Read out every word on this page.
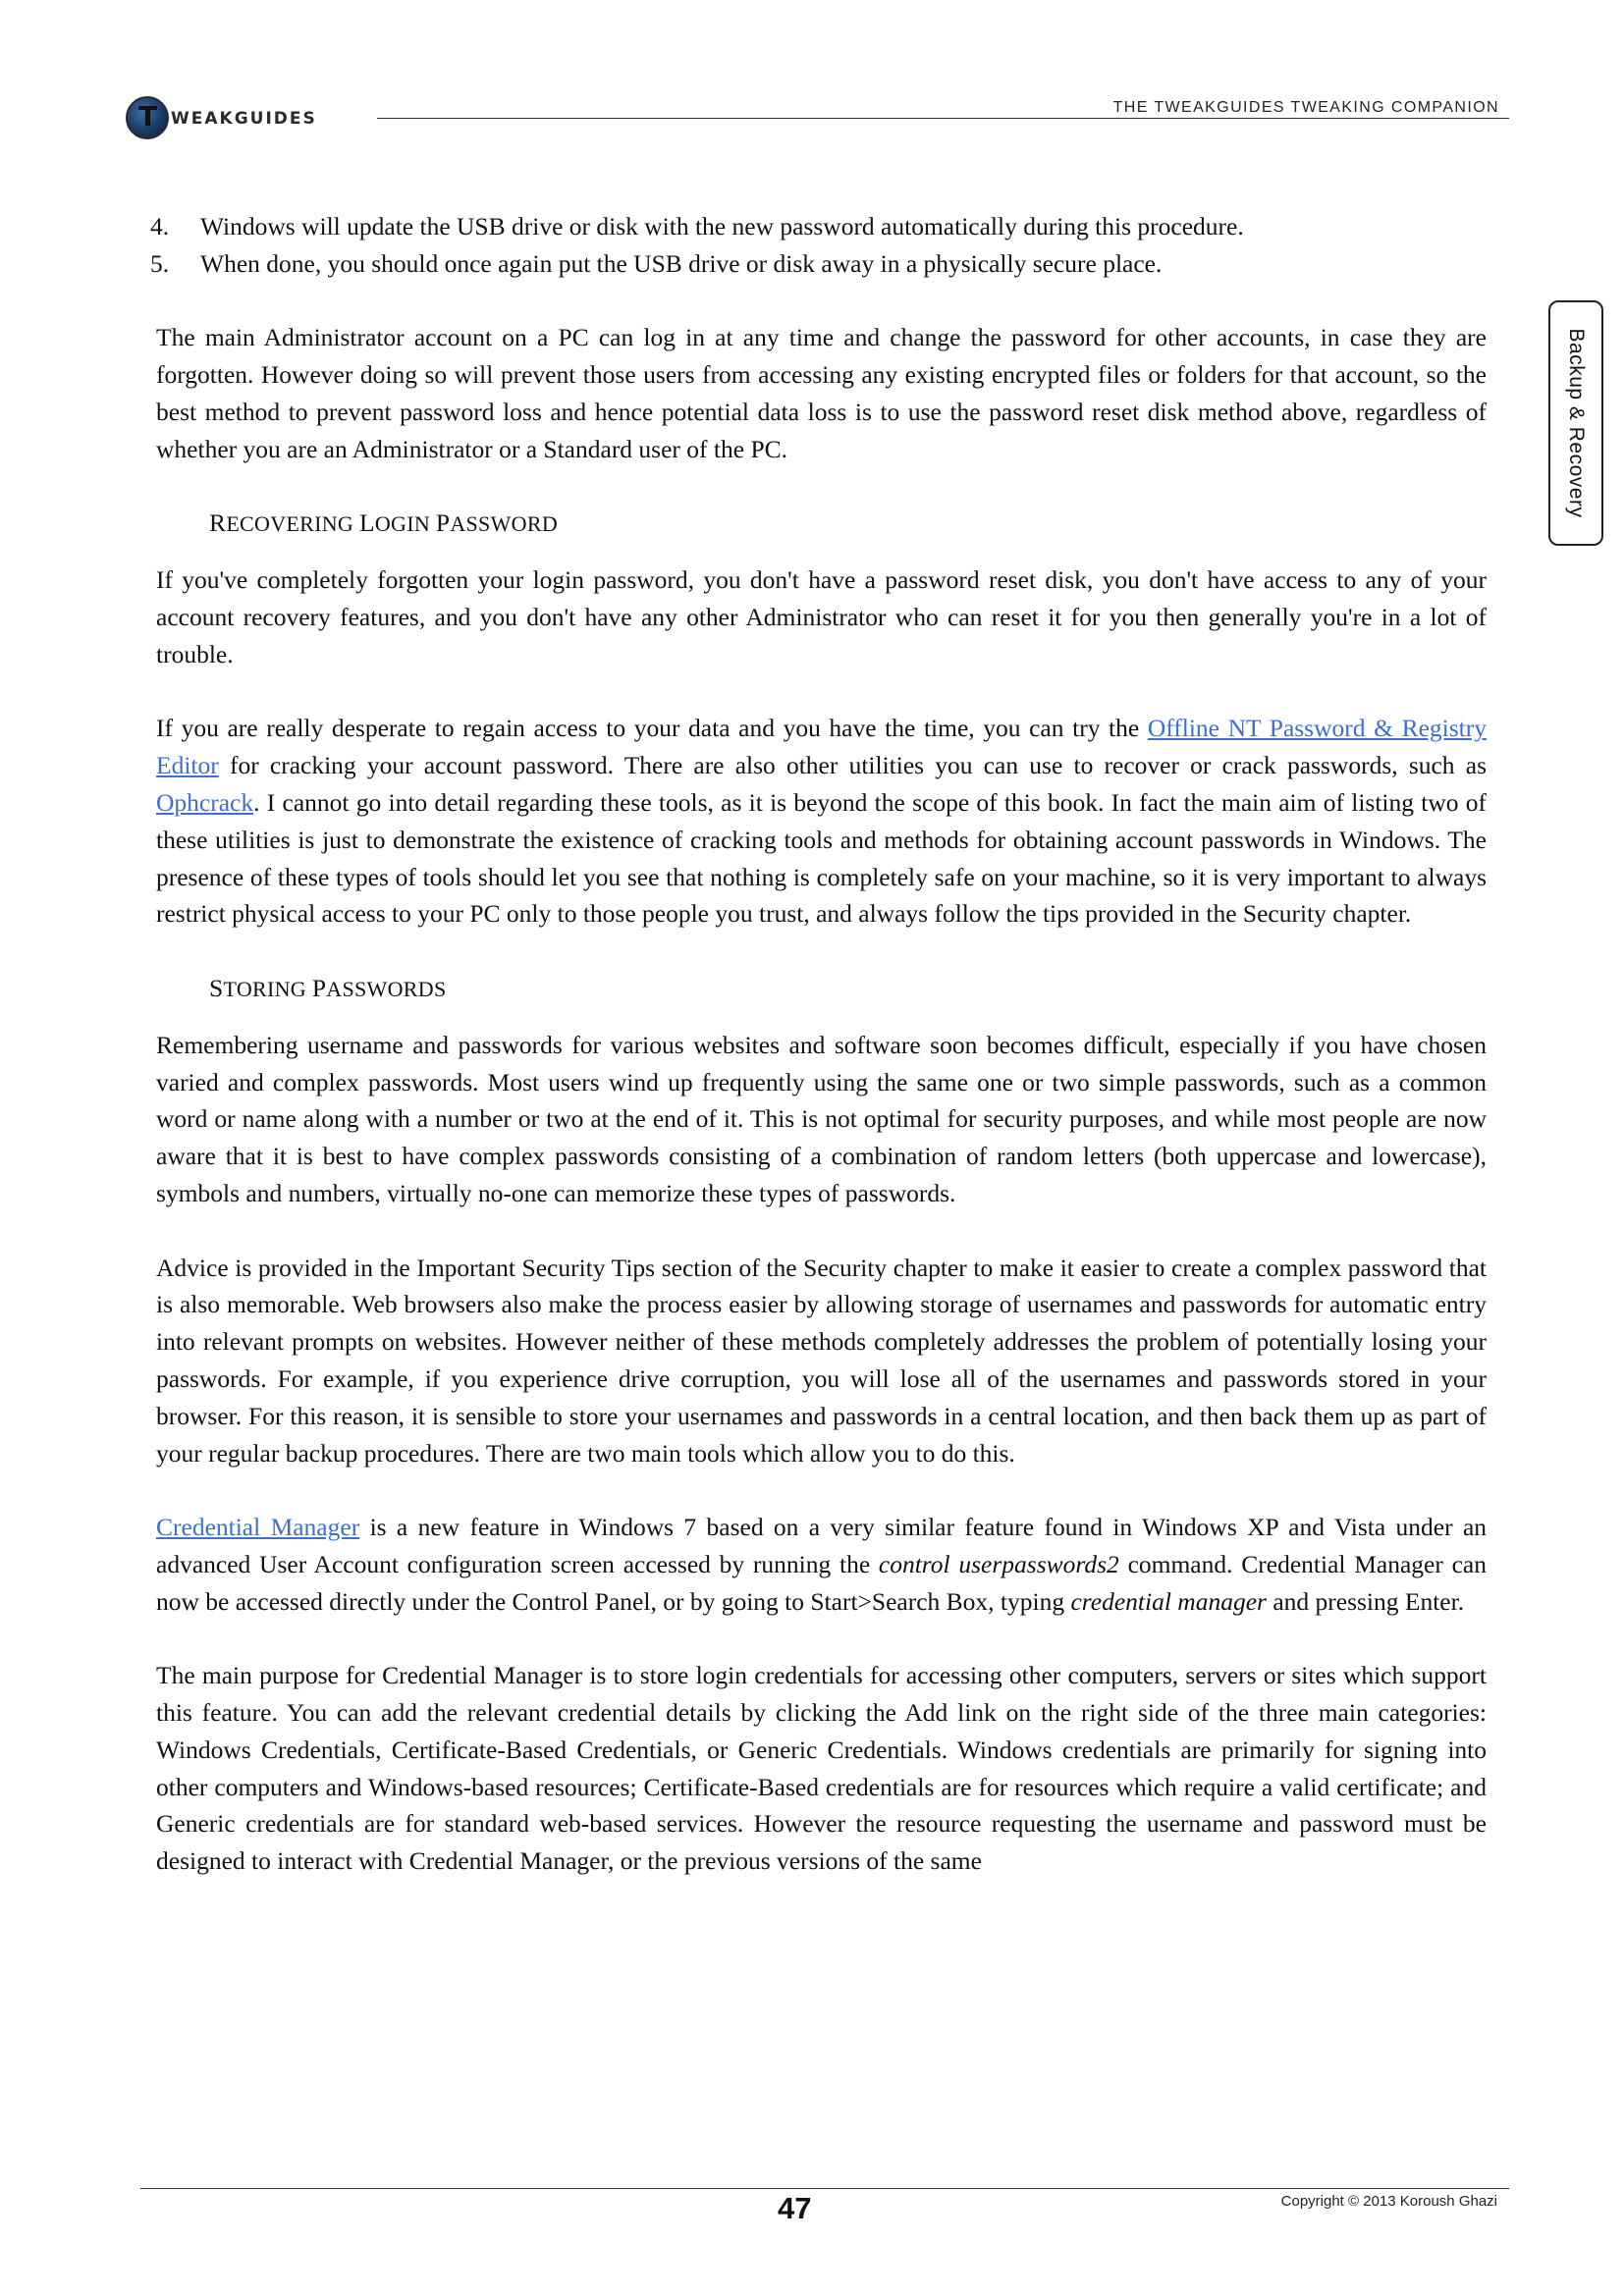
T WEAKGUIDES
THE TWEAKGUIDES TWEAKING COMPANION
Backup & Recovery
4. Windows will update the USB drive or disk with the new password automatically during this procedure.
5. When done, you should once again put the USB drive or disk away in a physically secure place.

The main Administrator account on a PC can log in at any time and change the password for other accounts, in case they are forgotten. However doing so will prevent those users from accessing any existing encrypted files or folders for that account, so the best method to prevent password loss and hence potential data loss is to use the password reset disk method above, regardless of whether you are an Administrator or a Standard user of the PC.

RECOVERING LOGIN PASSWORD

If you've completely forgotten your login password, you don't have a password reset disk, you don't have access to any of your account recovery features, and you don't have any other Administrator who can reset it for you then generally you're in a lot of trouble.

If you are really desperate to regain access to your data and you have the time, you can try the Offline NT Password & Registry Editor for cracking your account password. There are also other utilities you can use to recover or crack passwords, such as Ophcrack. I cannot go into detail regarding these tools, as it is beyond the scope of this book. In fact the main aim of listing two of these utilities is just to demonstrate the existence of cracking tools and methods for obtaining account passwords in Windows. The presence of these types of tools should let you see that nothing is completely safe on your machine, so it is very important to always restrict physical access to your PC only to those people you trust, and always follow the tips provided in the Security chapter.

STORING PASSWORDS

Remembering username and passwords for various websites and software soon becomes difficult, especially if you have chosen varied and complex passwords. Most users wind up frequently using the same one or two simple passwords, such as a common word or name along with a number or two at the end of it. This is not optimal for security purposes, and while most people are now aware that it is best to have complex passwords consisting of a combination of random letters (both uppercase and lowercase), symbols and numbers, virtually no-one can memorize these types of passwords.

Advice is provided in the Important Security Tips section of the Security chapter to make it easier to create a complex password that is also memorable. Web browsers also make the process easier by allowing storage of usernames and passwords for automatic entry into relevant prompts on websites. However neither of these methods completely addresses the problem of potentially losing your passwords. For example, if you experience drive corruption, you will lose all of the usernames and passwords stored in your browser. For this reason, it is sensible to store your usernames and passwords in a central location, and then back them up as part of your regular backup procedures. There are two main tools which allow you to do this.

Credential Manager is a new feature in Windows 7 based on a very similar feature found in Windows XP and Vista under an advanced User Account configuration screen accessed by running the control userpasswords2 command. Credential Manager can now be accessed directly under the Control Panel, or by going to Start>Search Box, typing credential manager and pressing Enter.

The main purpose for Credential Manager is to store login credentials for accessing other computers, servers or sites which support this feature. You can add the relevant credential details by clicking the Add link on the right side of the three main categories: Windows Credentials, Certificate-Based Credentials, or Generic Credentials. Windows credentials are primarily for signing into other computers and Windows-based resources; Certificate-Based credentials are for resources which require a valid certificate; and Generic credentials are for standard web-based services. However the resource requesting the username and password must be designed to interact with Credential Manager, or the previous versions of the same

47	Copyright © 2013 Koroush Ghazi
